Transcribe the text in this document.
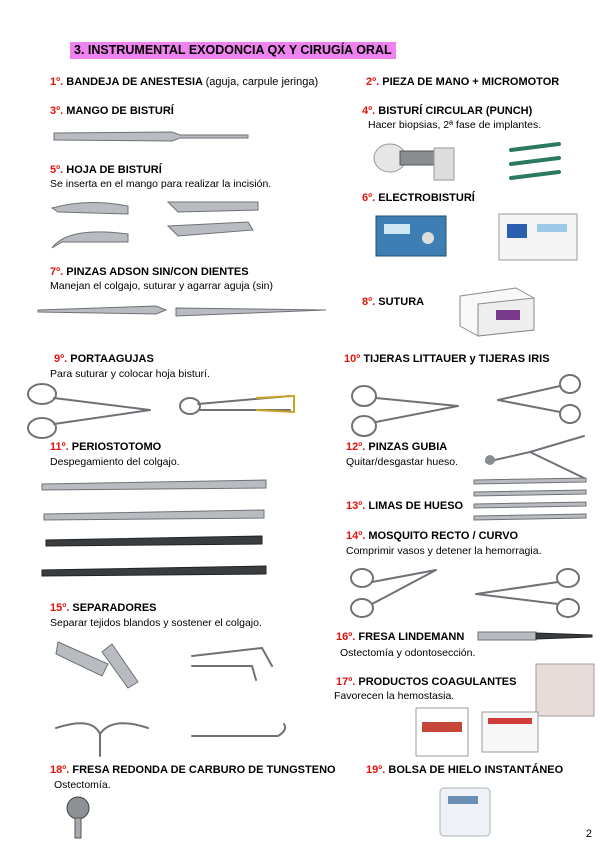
3. INSTRUMENTAL EXODONCIA QX Y CIRUGÍA ORAL
1º. BANDEJA DE ANESTESIA (aguja, carpule jeringa)	2º. PIEZA DE MANO + MICROMOTOR
3º. MANGO DE BISTURÍ	4º. BISTURÍ CIRCULAR (PUNCH)
Hacer biopsias, 2ª fase de implantes.
5º. HOJA DE BISTURÍ
Se inserta en el mango para realizar la incisión.
6º. ELECTROBISTURÍ
7º. PINZAS ADSON SIN/CON DIENTES
Manejan el colgajo, suturar y agarrar aguja (sin)
8º. SUTURA
9º. PORTAAGUJAS
Para suturar y colocar hoja bisturí.
10º TIJERAS LITTAUER y TIJERAS IRIS
11º. PERIOSTOTOMO
Despegamiento del colgajo.
12º. PINZAS GUBIA
Quitar/desgastar hueso.
13º. LIMAS DE HUESO
14º. MOSQUITO RECTO / CURVO
Comprimir vasos y detener la hemorragia.
15º. SEPARADORES
Separar tejidos blandos y sostener el colgajo.
16º. FRESA LINDEMANN
Ostectomía y odontosección.
17º. PRODUCTOS COAGULANTES
Favorecen la hemostasia.
18º. FRESA REDONDA DE CARBURO DE TUNGSTENO
Ostectomía.
19º. BOLSA DE HIELO INSTANTÁNEO
2
